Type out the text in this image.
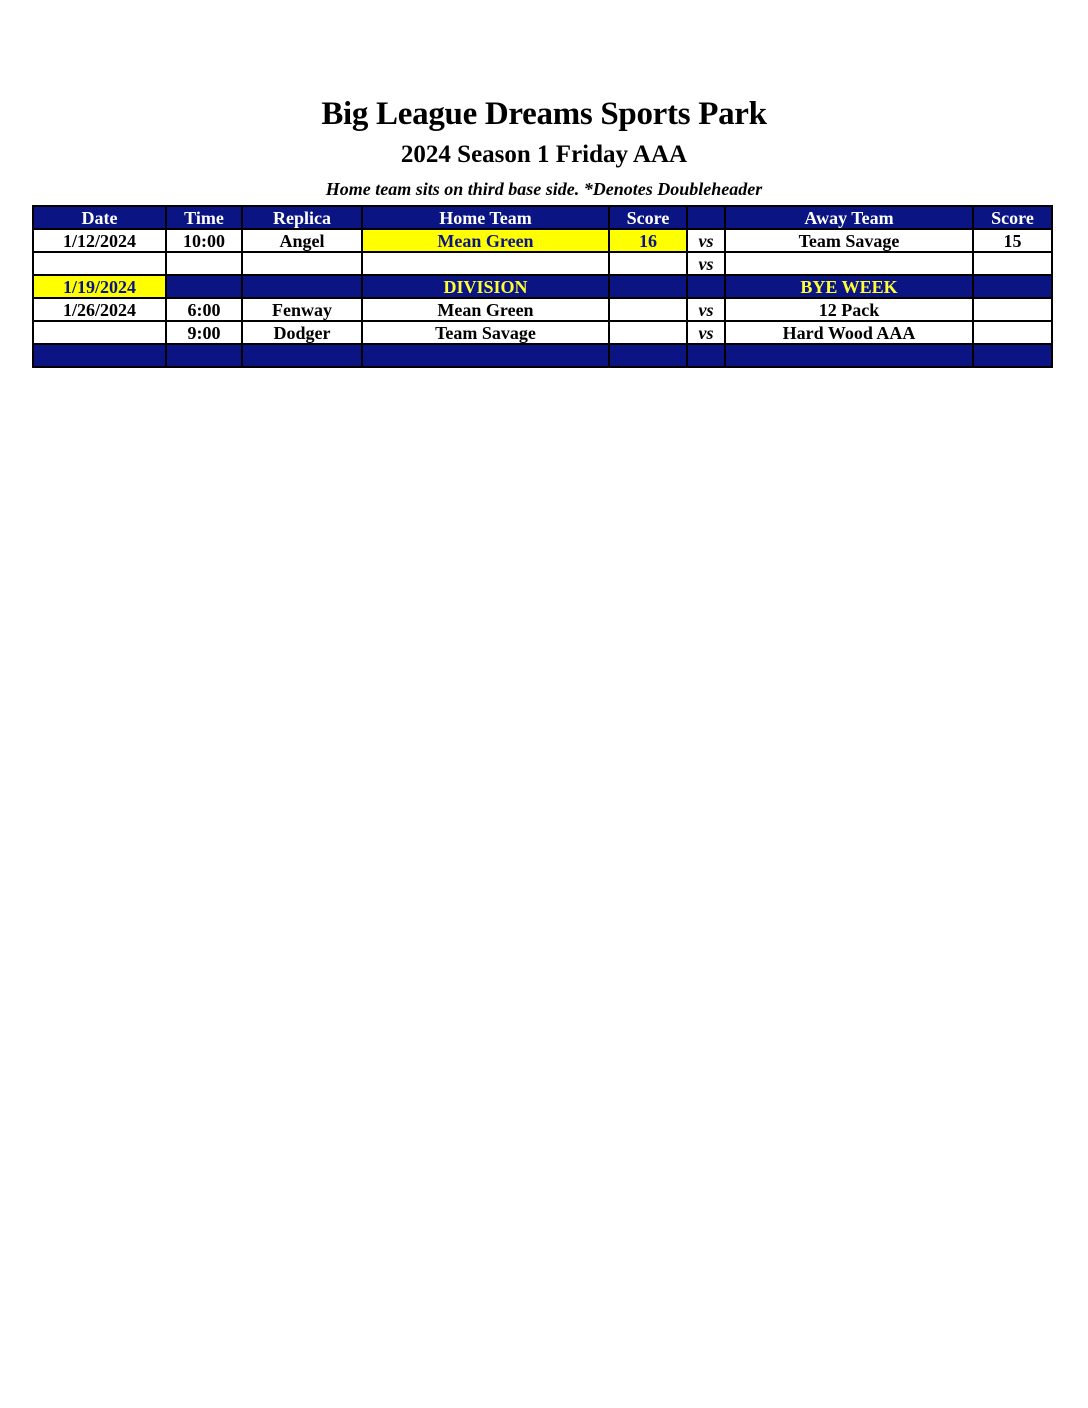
Big League Dreams Sports Park
2024 Season 1 Friday AAA
Home team sits on third base side. *Denotes Doubleheader
Date	Time	Replica	Home Team	Score		Away Team	Score
1/12/2024	10:00	Angel	Mean Green	16	vs	Team Savage	15
					vs		
1/19/2024			DIVISION			BYE WEEK	
1/26/2024	6:00	Fenway	Mean Green		vs	12 Pack	
	9:00	Dodger	Team Savage		vs	Hard Wood AAA	
